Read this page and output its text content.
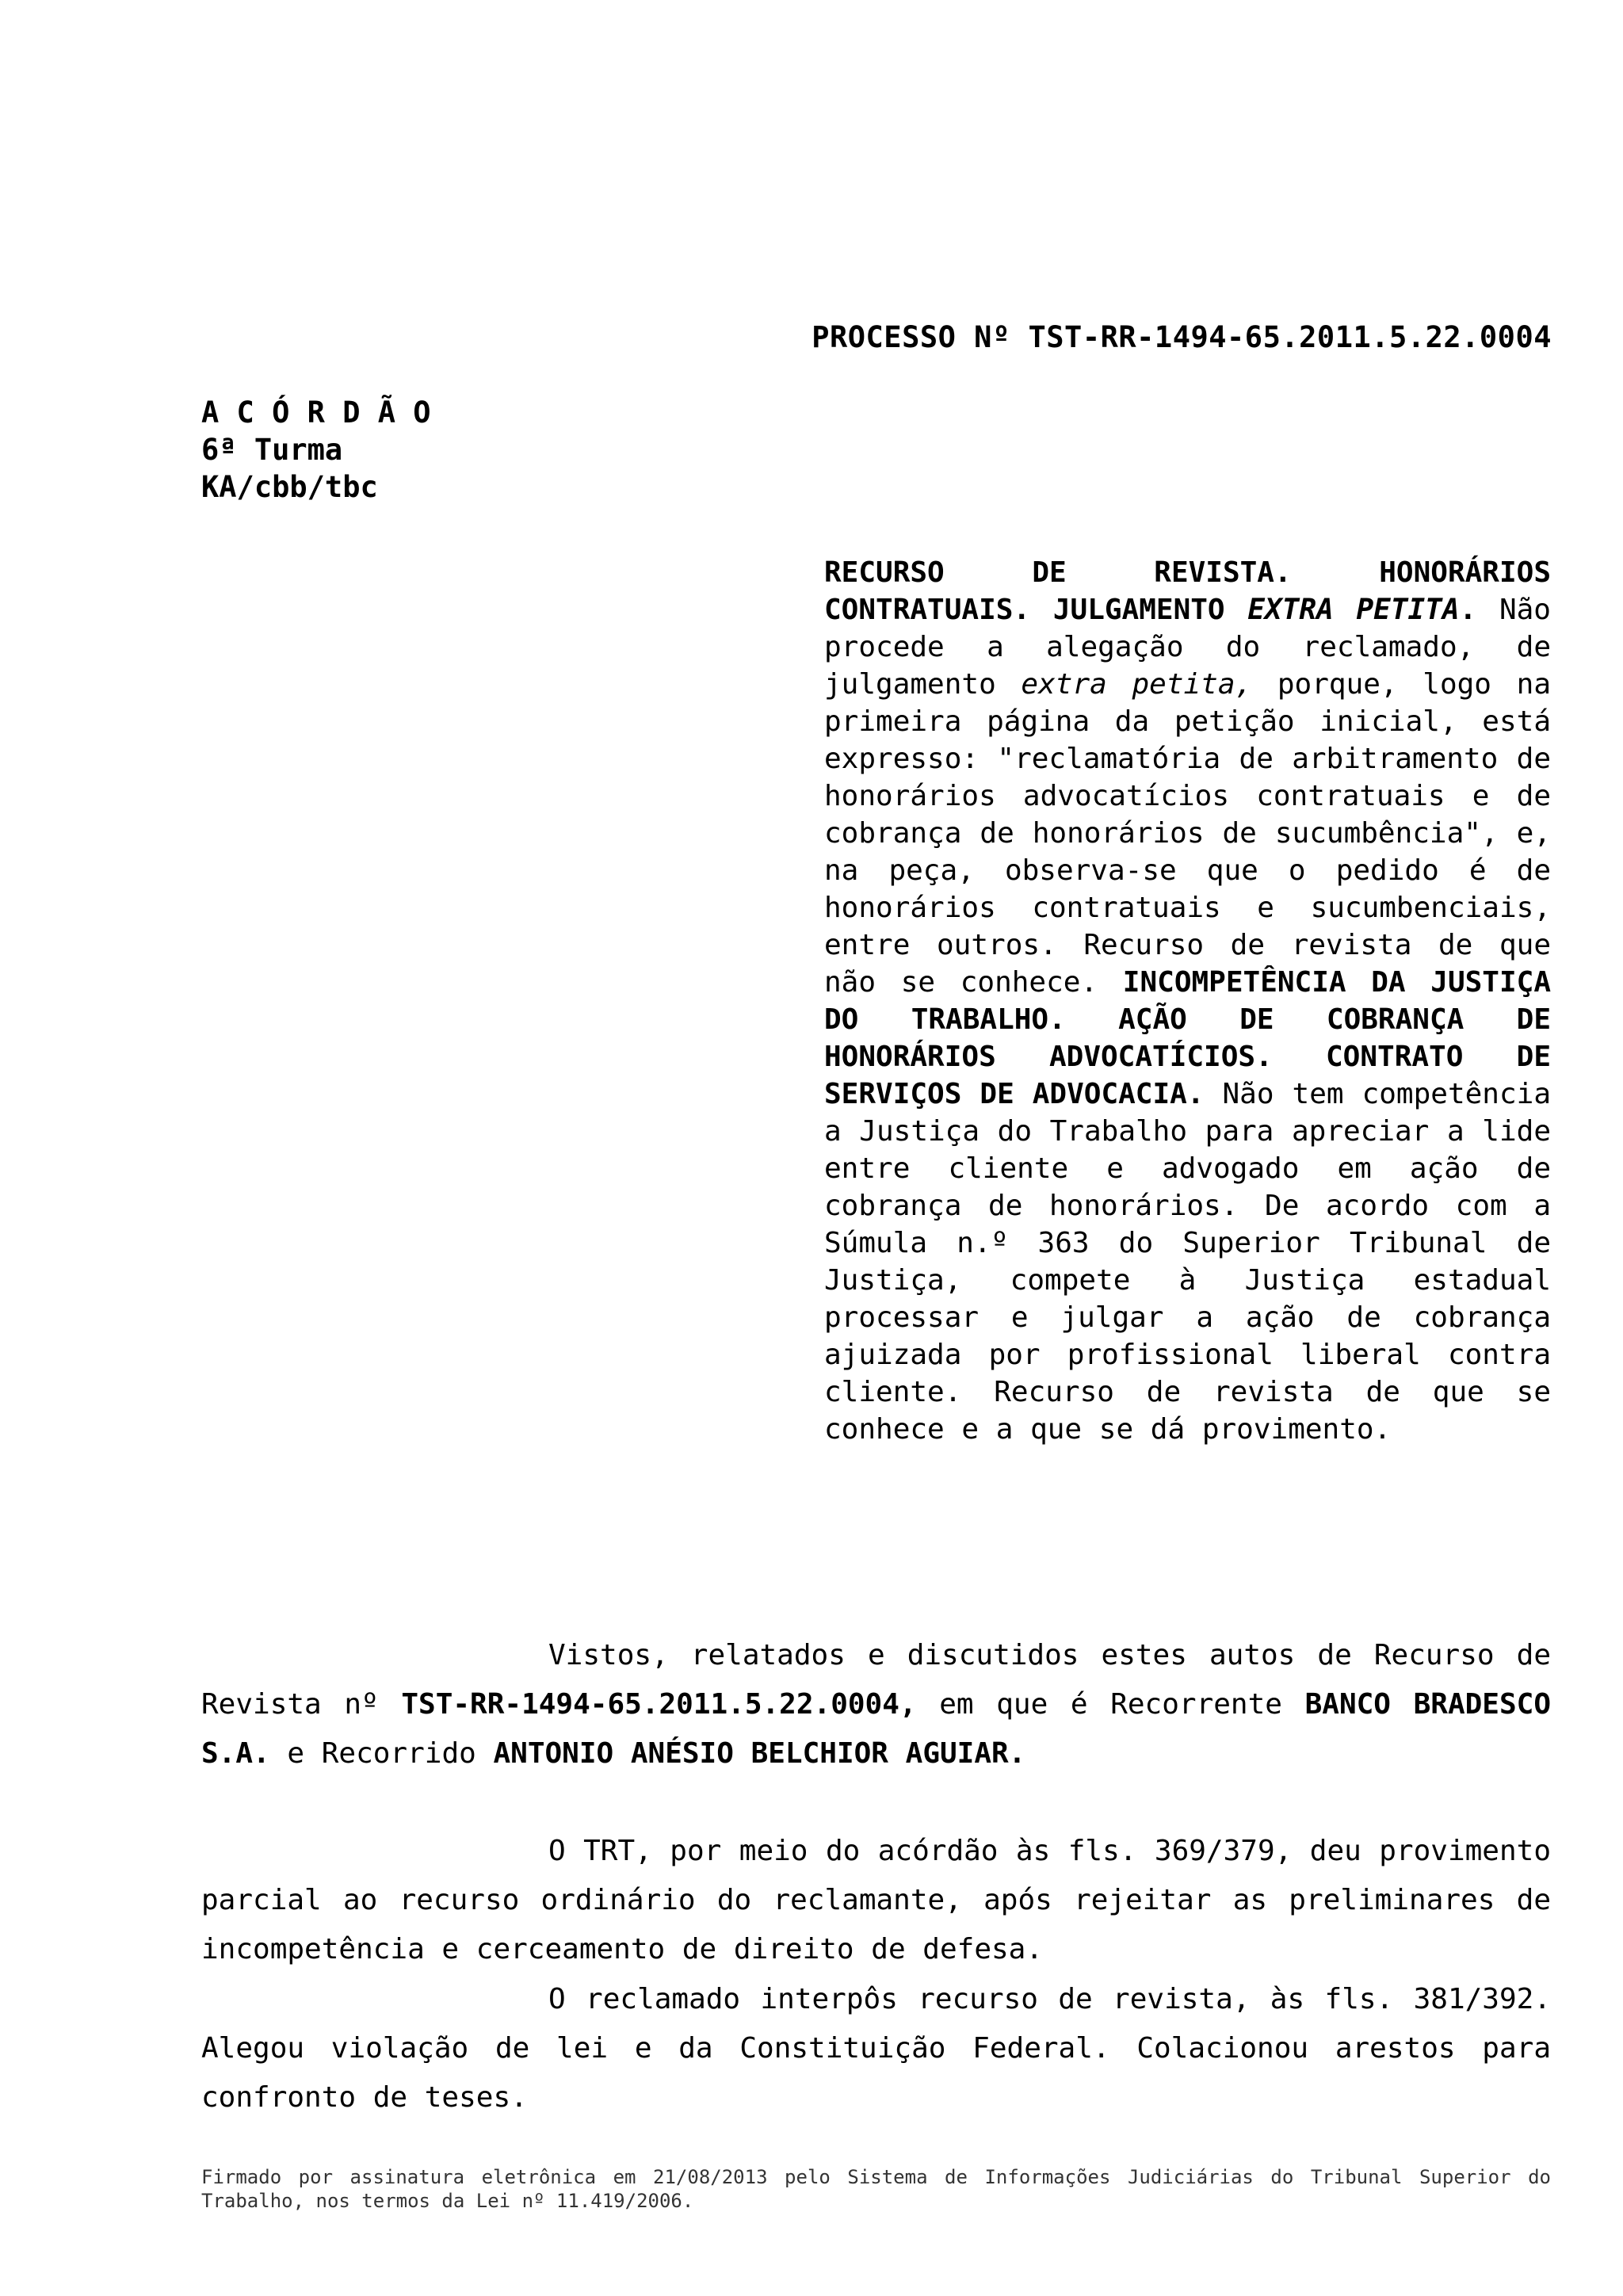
PROCESSO Nº TST-RR-1494-65.2011.5.22.0004
A C Ó R D Ã O
6ª Turma
KA/cbb/tbc
RECURSO DE REVISTA. HONORÁRIOS CONTRATUAIS. JULGAMENTO EXTRA PETITA. Não procede a alegação do reclamado, de julgamento extra petita, porque, logo na primeira página da petição inicial, está expresso: "reclamatória de arbitramento de honorários advocatícios contratuais e de cobrança de honorários de sucumbência", e, na peça, observa-se que o pedido é de honorários contratuais e sucumbenciais, entre outros. Recurso de revista de que não se conhece. INCOMPETÊNCIA DA JUSTIÇA DO TRABALHO. AÇÃO DE COBRANÇA DE HONORÁRIOS ADVOCATÍCIOS. CONTRATO DE SERVIÇOS DE ADVOCACIA. Não tem competência a Justiça do Trabalho para apreciar a lide entre cliente e advogado em ação de cobrança de honorários. De acordo com a Súmula n.º 363 do Superior Tribunal de Justiça, compete à Justiça estadual processar e julgar a ação de cobrança ajuizada por profissional liberal contra cliente. Recurso de revista de que se conhece e a que se dá provimento.
Vistos, relatados e discutidos estes autos de Recurso de Revista nº TST-RR-1494-65.2011.5.22.0004, em que é Recorrente BANCO BRADESCO S.A. e Recorrido ANTONIO ANÉSIO BELCHIOR AGUIAR.
O TRT, por meio do acórdão às fls. 369/379, deu provimento parcial ao recurso ordinário do reclamante, após rejeitar as preliminares de incompetência e cerceamento de direito de defesa.
O reclamado interpôs recurso de revista, às fls. 381/392. Alegou violação de lei e da Constituição Federal. Colacionou arestos para confronto de teses.
Firmado por assinatura eletrônica em 21/08/2013 pelo Sistema de Informações Judiciárias do Tribunal Superior do Trabalho, nos termos da Lei nº 11.419/2006.
